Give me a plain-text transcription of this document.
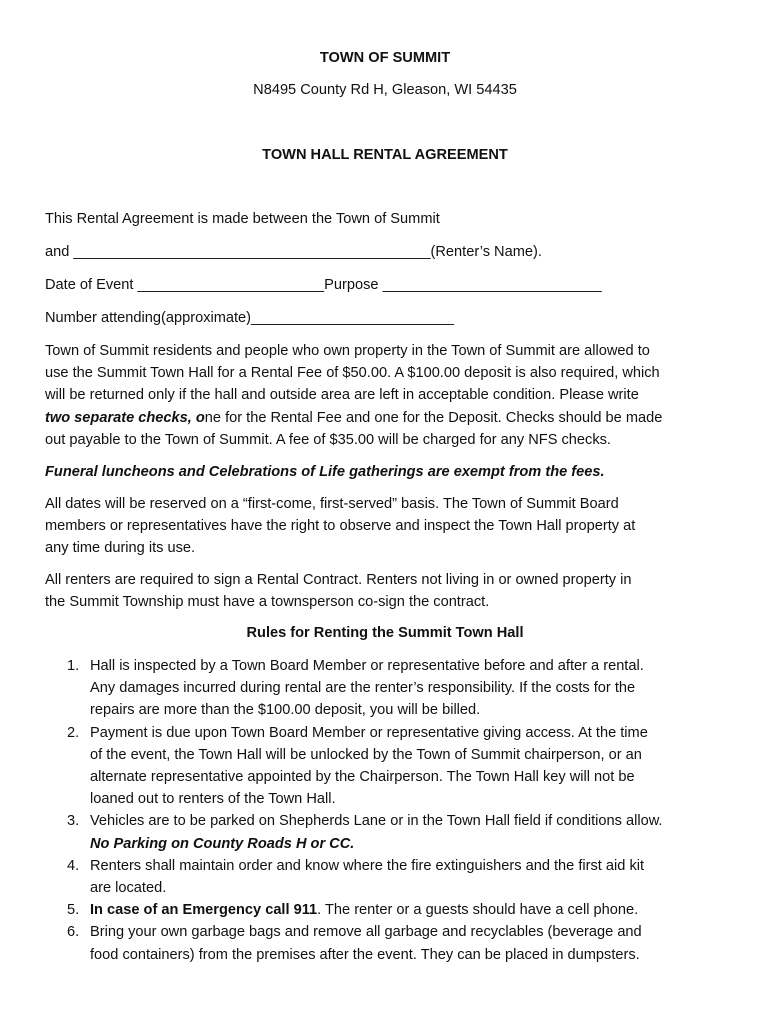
TOWN OF SUMMIT
N8495 County Rd H, Gleason, WI 54435
TOWN HALL RENTAL AGREEMENT
This Rental Agreement is made between the Town of Summit
and ____________________________________________(Renter’s Name).
Date of Event _______________________Purpose ___________________________
Number attending(approximate)_________________________
Town of Summit residents and people who own property in the Town of Summit are allowed to
use the Summit Town Hall for a Rental Fee of $50.00. A $100.00 deposit is also required, which
will be returned only if the hall and outside area are left in acceptable condition. Please write
two separate checks, one for the Rental Fee and one for the Deposit. Checks should be made
out payable to the Town of Summit. A fee of $35.00 will be charged for any NFS checks.
Funeral luncheons and Celebrations of Life gatherings are exempt from the fees.
All dates will be reserved on a “first-come, first-served” basis. The Town of Summit Board
members or representatives have the right to observe and inspect the Town Hall property at
any time during its use.
All renters are required to sign a Rental Contract. Renters not living in or owned property in
the Summit Township must have a townsperson co-sign the contract.
Rules for Renting the Summit Town Hall
1. Hall is inspected by a Town Board Member or representative before and after a rental.
Any damages incurred during rental are the renter’s responsibility. If the costs for the
repairs are more than the $100.00 deposit, you will be billed.
2. Payment is due upon Town Board Member or representative giving access. At the time
of the event, the Town Hall will be unlocked by the Town of Summit chairperson, or an
alternate representative appointed by the Chairperson. The Town Hall key will not be
loaned out to renters of the Town Hall.
3. Vehicles are to be parked on Shepherds Lane or in the Town Hall field if conditions allow.
No Parking on County Roads H or CC.
4. Renters shall maintain order and know where the fire extinguishers and the first aid kit
are located.
5. In case of an Emergency call 911. The renter or a guests should have a cell phone.
6. Bring your own garbage bags and remove all garbage and recyclables (beverage and
food containers) from the premises after the event. They can be placed in dumpsters.
